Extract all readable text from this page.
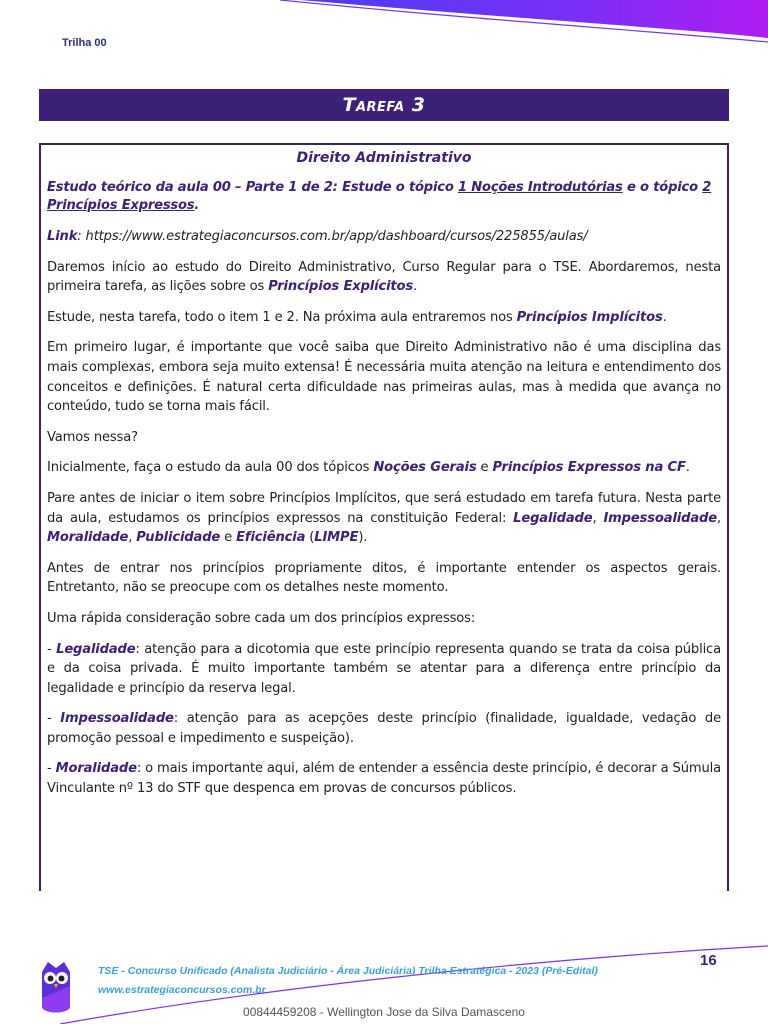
Trilha 00
Tarefa 3
Direito Administrativo
Estudo teórico da aula 00 – Parte 1 de 2: Estude o tópico 1 Noções Introdutórias e o tópico 2 Princípios Expressos.
Link: https://www.estrategiaconcursos.com.br/app/dashboard/cursos/225855/aulas/
Daremos início ao estudo do Direito Administrativo, Curso Regular para o TSE. Abordaremos, nesta primeira tarefa, as lições sobre os Princípios Explícitos.
Estude, nesta tarefa, todo o item 1 e 2. Na próxima aula entraremos nos Princípios Implícitos.
Em primeiro lugar, é importante que você saiba que Direito Administrativo não é uma disciplina das mais complexas, embora seja muito extensa! É necessária muita atenção na leitura e entendimento dos conceitos e definições. É natural certa dificuldade nas primeiras aulas, mas à medida que avança no conteúdo, tudo se torna mais fácil.
Vamos nessa?
Inicialmente, faça o estudo da aula 00 dos tópicos Noções Gerais e Princípios Expressos na CF.
Pare antes de iniciar o item sobre Princípios Implícitos, que será estudado em tarefa futura. Nesta parte da aula, estudamos os princípios expressos na constituição Federal: Legalidade, Impessoalidade, Moralidade, Publicidade e Eficiência (LIMPE).
Antes de entrar nos princípios propriamente ditos, é importante entender os aspectos gerais. Entretanto, não se preocupe com os detalhes neste momento.
Uma rápida consideração sobre cada um dos princípios expressos:
- Legalidade: atenção para a dicotomia que este princípio representa quando se trata da coisa pública e da coisa privada. É muito importante também se atentar para a diferença entre princípio da legalidade e princípio da reserva legal.
- Impessoalidade: atenção para as acepções deste princípio (finalidade, igualdade, vedação de promoção pessoal e impedimento e suspeição).
- Moralidade: o mais importante aqui, além de entender a essência deste princípio, é decorar a Súmula Vinculante nº 13 do STF que despenca em provas de concursos públicos.
TSE - Concurso Unificado (Analista Judiciário - Área Judiciária) Trilha Estratégica - 2023 (Pré-Edital)
www.estrategiaconcursos.com.br
16
00844459208 - Wellington Jose da Silva Damasceno
